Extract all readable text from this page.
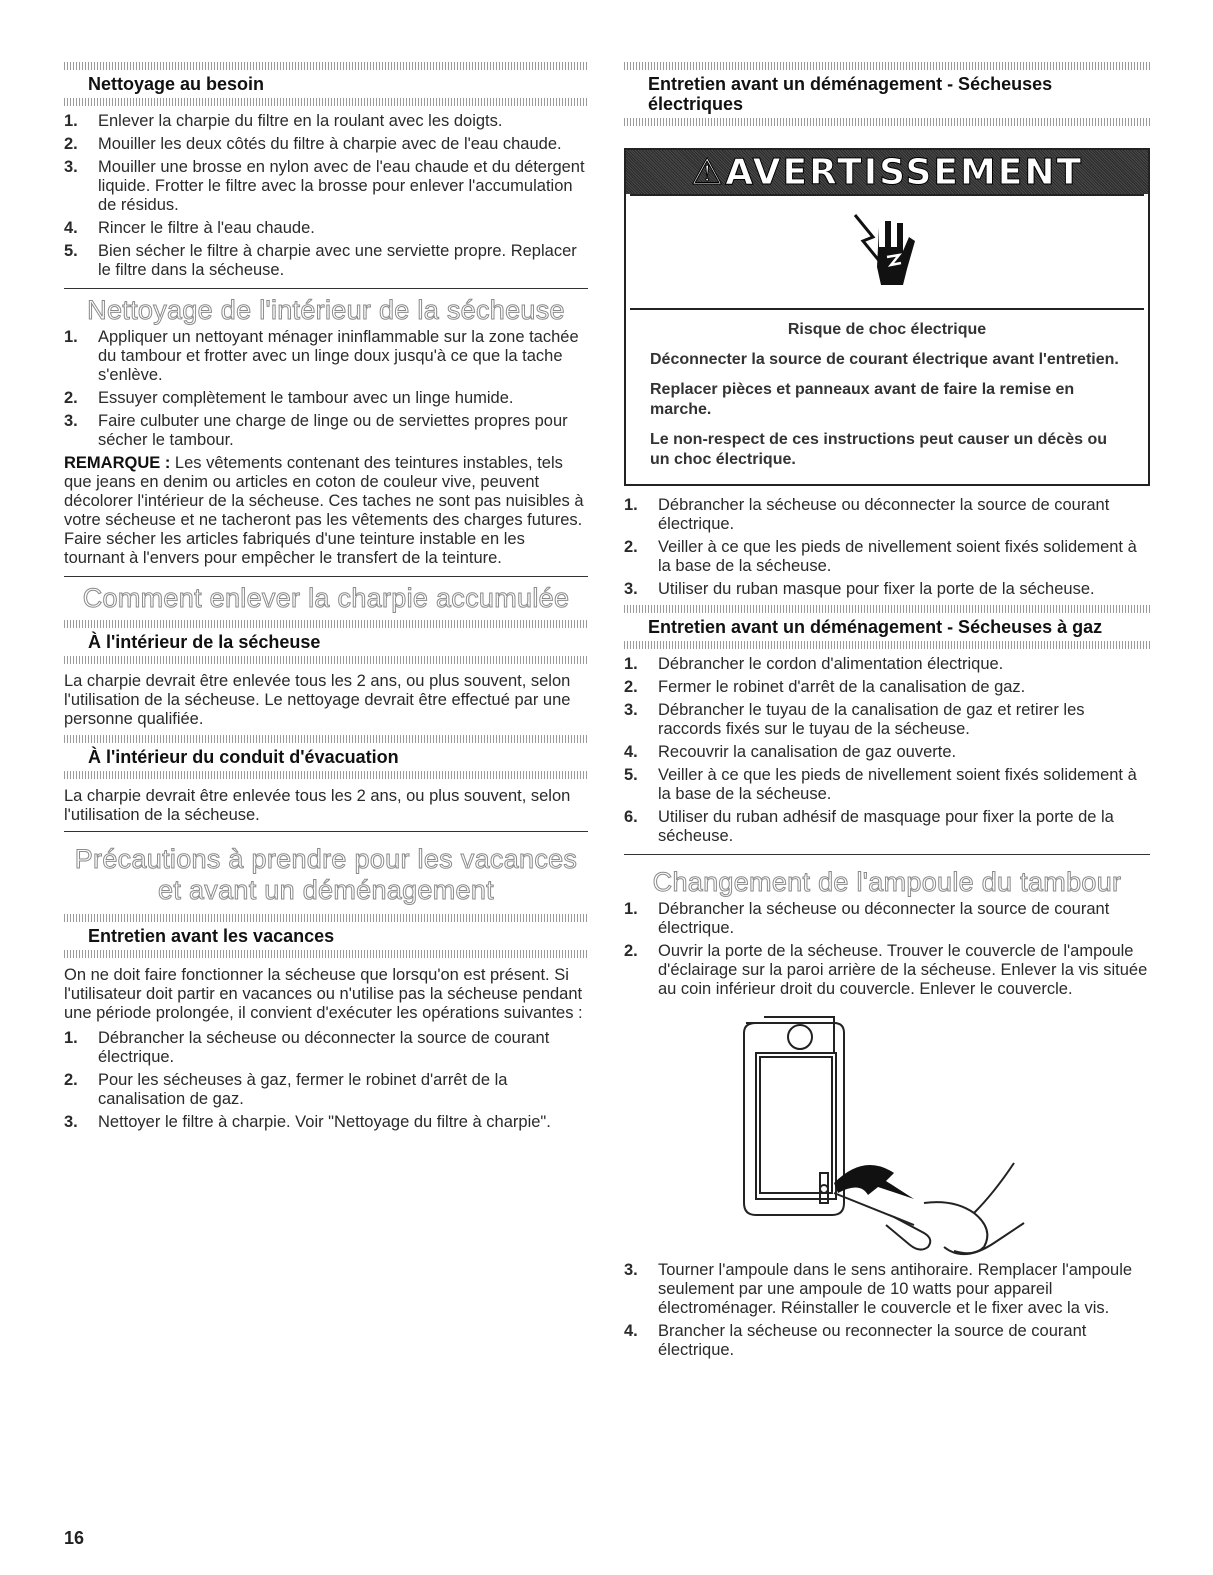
Nettoyage au besoin
1. Enlever la charpie du filtre en la roulant avec les doigts.
2. Mouiller les deux côtés du filtre à charpie avec de l'eau chaude.
3. Mouiller une brosse en nylon avec de l'eau chaude et du détergent liquide. Frotter le filtre avec la brosse pour enlever l'accumulation de résidus.
4. Rincer le filtre à l'eau chaude.
5. Bien sécher le filtre à charpie avec une serviette propre. Replacer le filtre dans la sécheuse.
Nettoyage de l'intérieur de la sécheuse
1. Appliquer un nettoyant ménager ininflammable sur la zone tachée du tambour et frotter avec un linge doux jusqu'à ce que la tache s'enlève.
2. Essuyer complètement le tambour avec un linge humide.
3. Faire culbuter une charge de linge ou de serviettes propres pour sécher le tambour.

REMARQUE : Les vêtements contenant des teintures instables, tels que jeans en denim ou articles en coton de couleur vive, peuvent décolorer l'intérieur de la sécheuse. Ces taches ne sont pas nuisibles à votre sécheuse et ne tacheront pas les vêtements des charges futures. Faire sécher les articles fabriqués d'une teinture instable en les tournant à l'envers pour empêcher le transfert de la teinture.

Comment enlever la charpie accumulée
À l'intérieur de la sécheuse

La charpie devrait être enlevée tous les 2 ans, ou plus souvent, selon l'utilisation de la sécheuse. Le nettoyage devrait être effectué par une personne qualifiée.

À l'intérieur du conduit d'évacuation

La charpie devrait être enlevée tous les 2 ans, ou plus souvent, selon l'utilisation de la sécheuse.

Précautions à prendre pour les vacances
et avant un déménagement
Entretien avant les vacances

On ne doit faire fonctionner la sécheuse que lorsqu'on est présent. Si l'utilisateur doit partir en vacances ou n'utilise pas la sécheuse pendant une période prolongée, il convient d'exécuter les opérations suivantes :

1. Débrancher la sécheuse ou déconnecter la source de courant électrique.
2. Pour les sécheuses à gaz, fermer le robinet d'arrêt de la canalisation de gaz.
3. Nettoyer le filtre à charpie. Voir "Nettoyage du filtre à charpie".
Entretien avant un déménagement - Sécheuses électriques
⚠AVERTISSEMENT
Risque de choc électrique

Déconnecter la source de courant électrique avant l'entretien.

Replacer pièces et panneaux avant de faire la remise en marche.

Le non-respect de ces instructions peut causer un décès ou un choc électrique.

1. Débrancher la sécheuse ou déconnecter la source de courant électrique.
2. Veiller à ce que les pieds de nivellement soient fixés solidement à la base de la sécheuse.
3. Utiliser du ruban masque pour fixer la porte de la sécheuse.
Entretien avant un déménagement - Sécheuses à gaz
1. Débrancher le cordon d'alimentation électrique.
2. Fermer le robinet d'arrêt de la canalisation de gaz.
3. Débrancher le tuyau de la canalisation de gaz et retirer les raccords fixés sur le tuyau de la sécheuse.
4. Recouvrir la canalisation de gaz ouverte.
5. Veiller à ce que les pieds de nivellement soient fixés solidement à la base de la sécheuse.
6. Utiliser du ruban adhésif de masquage pour fixer la porte de la sécheuse.
Changement de l'ampoule du tambour
1. Débrancher la sécheuse ou déconnecter la source de courant électrique.
2. Ouvrir la porte de la sécheuse. Trouver le couvercle de l'ampoule d'éclairage sur la paroi arrière de la sécheuse. Enlever la vis située au coin inférieur droit du couvercle. Enlever le couvercle.
3. Tourner l'ampoule dans le sens antihoraire. Remplacer l'ampoule seulement par une ampoule de 10 watts pour appareil électroménager. Réinstaller le couvercle et le fixer avec la vis.
4. Brancher la sécheuse ou reconnecter la source de courant électrique.
16
